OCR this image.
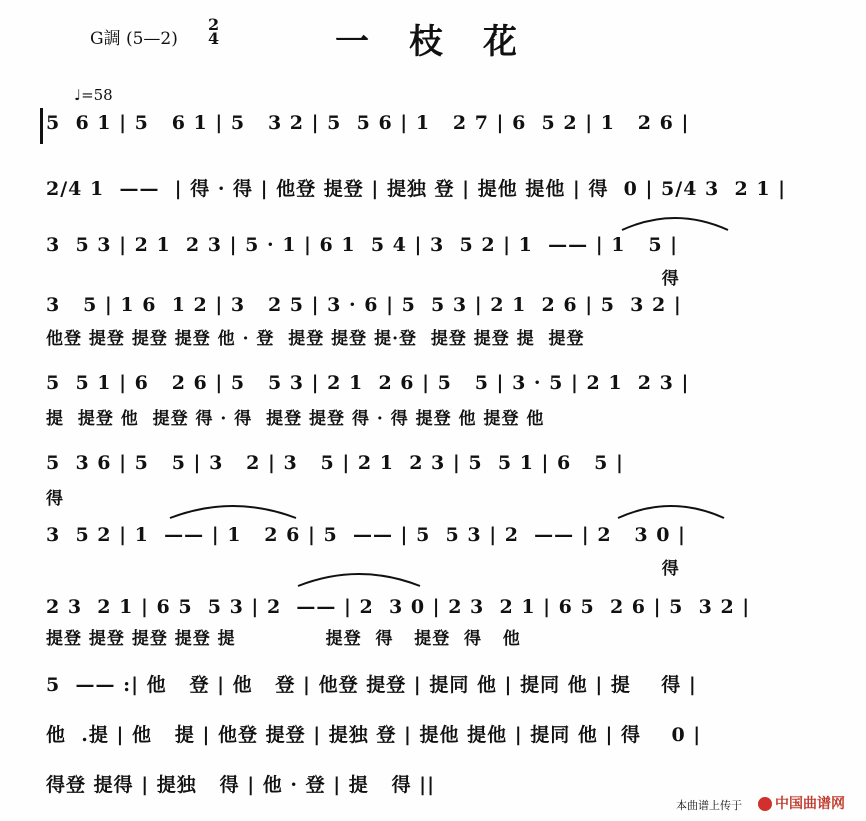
G調 (5—2)
2
4	一枝花
♩=58
5  6 1 | 5   6 1 | 5   3 2 | 5  5 6 | 1   2 7 | 6  5 2 | 1   2 6 |
2/4 1  ——  | 得 · 得 | 他登 提登 | 提独 登 | 提他 提他 | 得  0 | 5/4 3  2 1 |
3  5 3 | 2 1  2 3 | 5 · 1 | 6 1  5 4 | 3  5 2 | 1  —— | 1   5 |
得
3   5 | 1 6  1 2 | 3   2 5 | 3 · 6 | 5  5 3 | 2 1  2 6 | 5  3 2 |
他登 提登 提登 提登 他 · 登  提登 提登 提·登  提登 提登 提  提登
5  5 1 | 6   2 6 | 5   5 3 | 2 1  2 6 | 5   5 | 3 · 5 | 2 1  2 3 |
提  提登 他  提登 得 · 得  提登 提登 得 · 得 提登 他 提登 他
5  3 6 | 5   5 | 3   2 | 3   5 | 2 1  2 3 | 5  5 1 | 6   5 |
得
3  5 2 | 1  —— | 1   2 6 | 5  —— | 5  5 3 | 2  —— | 2   3 0 |
得
2 3  2 1 | 6 5  5 3 | 2  —— | 2  3 0 | 2 3  2 1 | 6 5  2 6 | 5  3 2 |
提登 提登 提登 提登 提             提登  得   提登  得   他
5  —— :| 他   登 | 他   登 | 他登 提登 | 提同 他 | 提同 他 | 提    得 |
他  .提 | 他   提 | 他登 提登 | 提独 登 | 提他 提他 | 提同 他 | 得    0 |
得登 提得 | 提独   得 | 他 · 登 | 提   得 ||
本曲谱上传于	中国曲谱网
